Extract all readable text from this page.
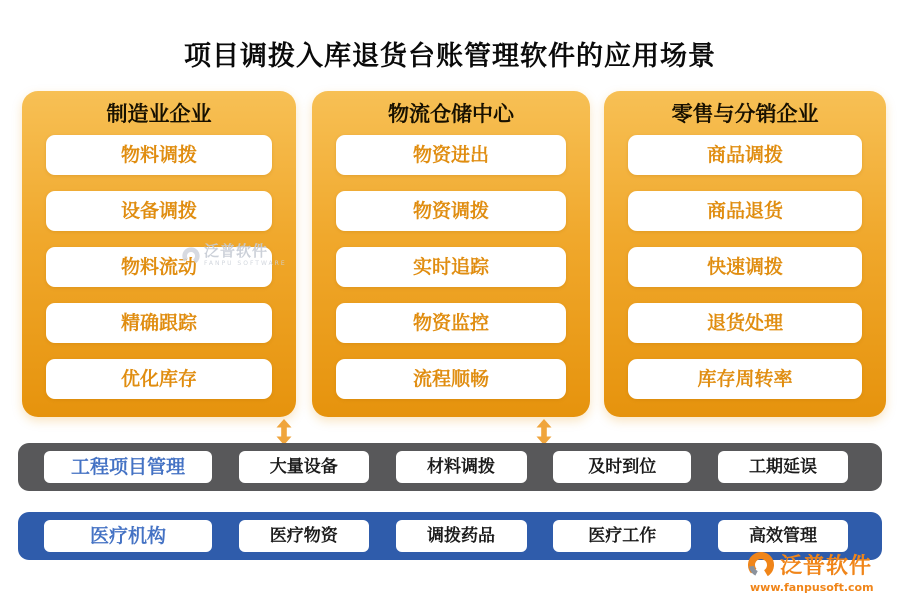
项目调拨入库退货台账管理软件的应用场景
制造业企业
物料调拨
设备调拨
物料流动
精确跟踪
优化库存
物流仓储中心
物资进出
物资调拨
实时追踪
物资监控
流程顺畅
零售与分销企业
商品调拨
商品退货
快速调拨
退货处理
库存周转率
工程项目管理	大量设备	材料调拨	及时到位	工期延误
医疗机构	医疗物资	调拨药品	医疗工作	高效管理
泛普软件
FANPU SOFTWARE
泛普软件
www.fanpusoft.com
